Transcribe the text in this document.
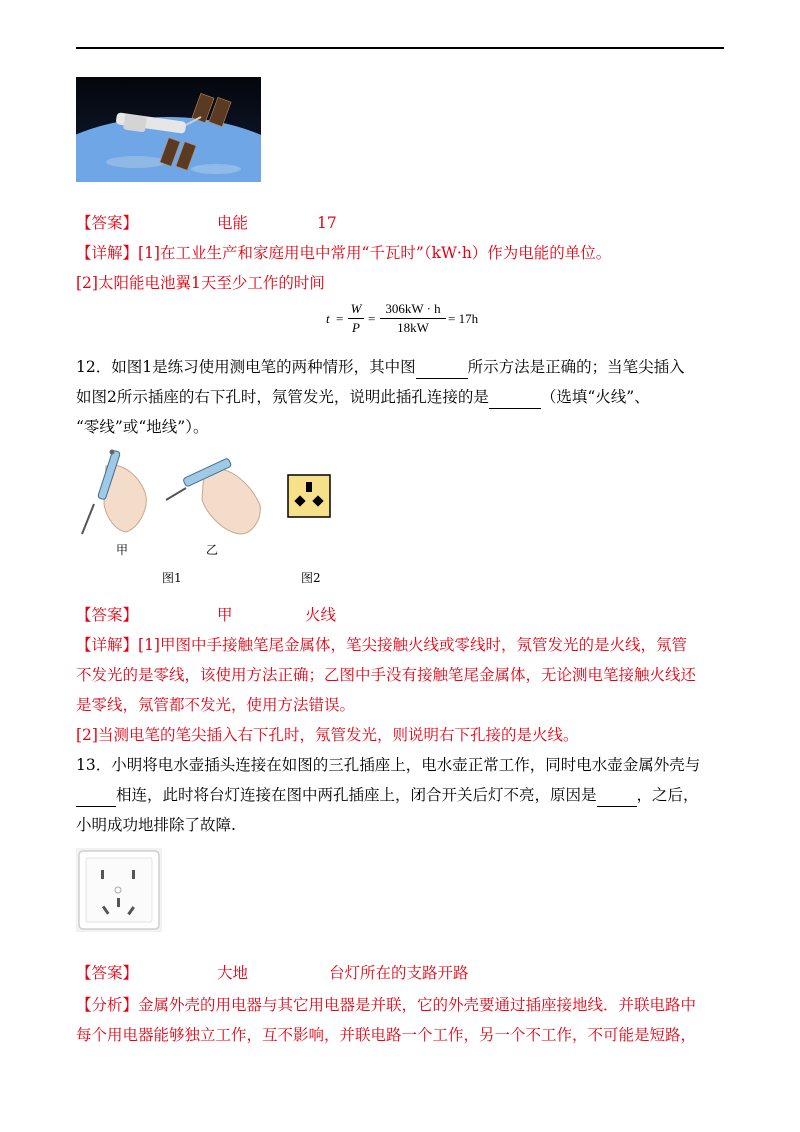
【答案】	电能	17
【详解】[1]在工业生产和家庭用电中常用“千瓦时”（kW·h）作为电能的单位。
[2]太阳能电池翼1天至少工作的时间
t =
W
P
=
306kW · h
18kW
= 17h
12．如图1是练习使用测电笔的两种情形，其中图	所示方法是正确的；当笔尖插入
如图2所示插座的右下孔时，氖管发光，说明此插孔连接的是	（选填“火线”、
“零线”或“地线”）。
甲	乙
图1	图2
【答案】	甲	火线
【详解】[1]甲图中手接触笔尾金属体，笔尖接触火线或零线时，氖管发光的是火线，氖管
不发光的是零线，该使用方法正确；乙图中手没有接触笔尾金属体，无论测电笔接触火线还
是零线，氖管都不发光，使用方法错误。
[2]当测电笔的笔尖插入右下孔时，氖管发光，则说明右下孔接的是火线。
13．小明将电水壶插头连接在如图的三孔插座上，电水壶正常工作，同时电水壶金属外壳与
相连，此时将台灯连接在图中两孔插座上，闭合开关后灯不亮，原因是	，之后，
小明成功地排除了故障.
【答案】	大地	台灯所在的支路开路
【分析】金属外壳的用电器与其它用电器是并联，它的外壳要通过插座接地线．并联电路中
每个用电器能够独立工作，互不影响，并联电路一个工作，另一个不工作，不可能是短路，
